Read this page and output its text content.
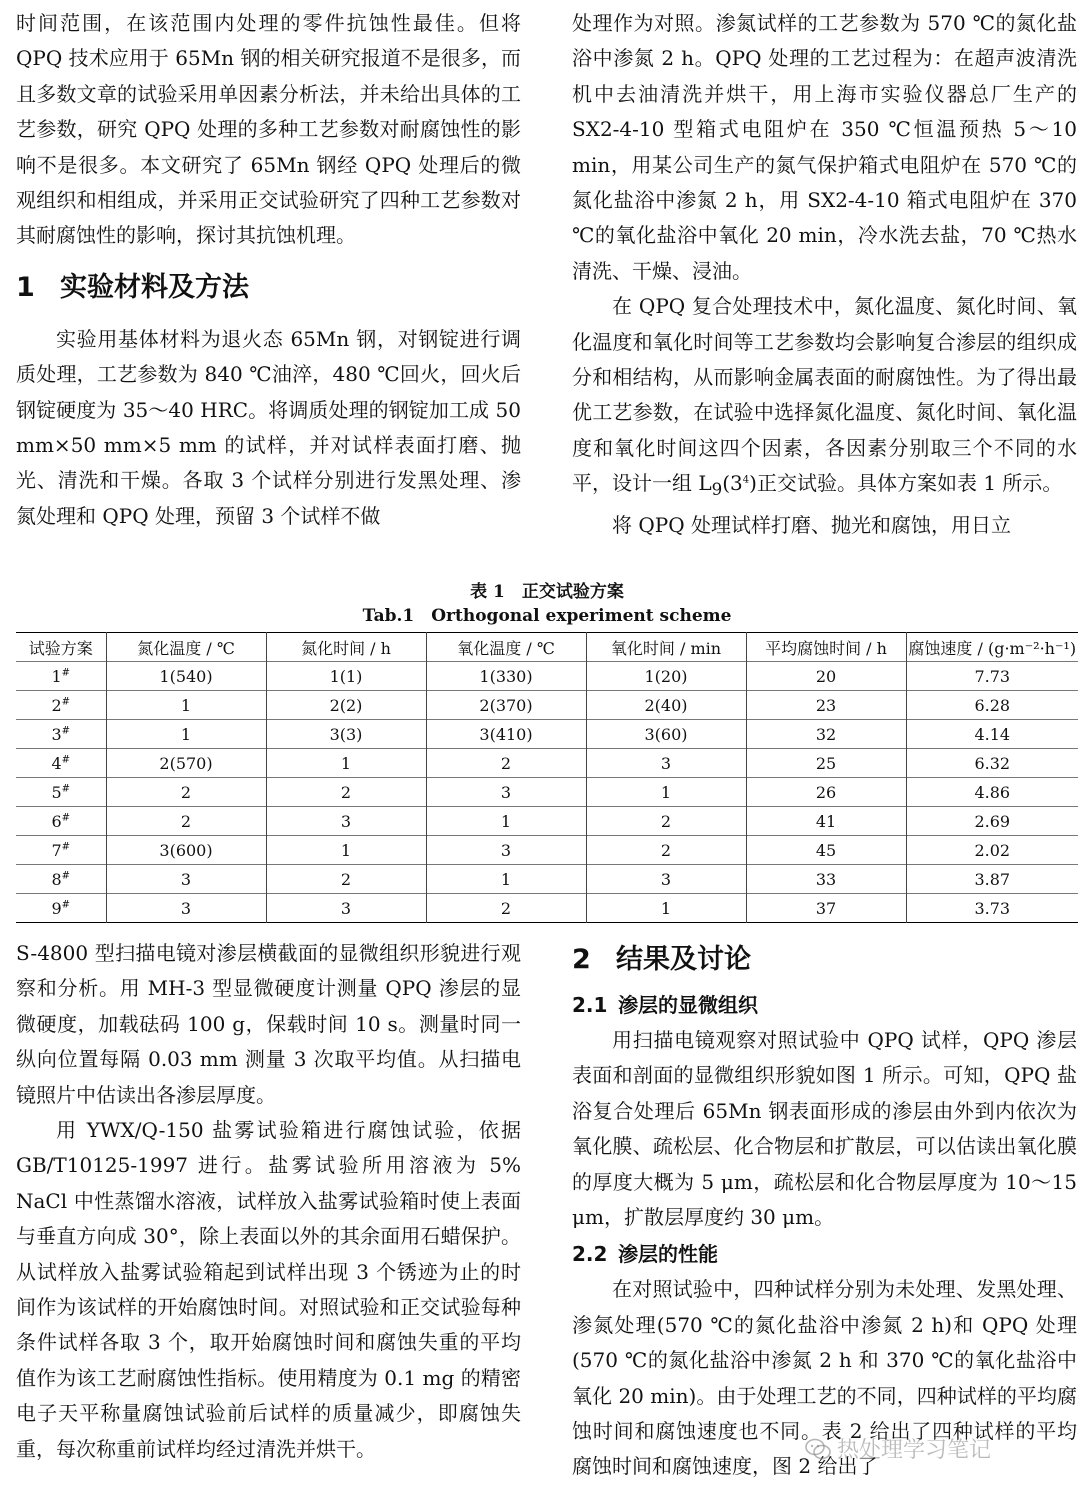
时间范围，在该范围内处理的零件抗蚀性最佳。但将 QPQ 技术应用于 65Mn 钢的相关研究报道不是很多，而且多数文章的试验采用单因素分析法，并未给出具体的工艺参数，研究 QPQ 处理的多种工艺参数对耐腐蚀性的影响不是很多。本文研究了 65Mn 钢经 QPQ 处理后的微观组织和相组成，并采用正交试验研究了四种工艺参数对其耐腐蚀性的影响，探讨其抗蚀机理。

1 实验材料及方法

实验用基体材料为退火态 65Mn 钢，对钢锭进行调质处理，工艺参数为 840 ℃油淬，480 ℃回火，回火后钢锭硬度为 35～40 HRC。将调质处理的钢锭加工成 50 mm×50 mm×5 mm 的试样，并对试样表面打磨、抛光、清洗和干燥。各取 3 个试样分别进行发黑处理、渗氮处理和 QPQ 处理，预留 3 个试样不做

处理作为对照。渗氮试样的工艺参数为 570 ℃的氮化盐浴中渗氮 2 h。QPQ 处理的工艺过程为：在超声波清洗机中去油清洗并烘干，用上海市实验仪器总厂生产的 SX2-4-10 型箱式电阻炉在 350 ℃恒温预热 5～10 min，用某公司生产的氮气保护箱式电阻炉在 570 ℃的氮化盐浴中渗氮 2 h，用 SX2-4-10 箱式电阻炉在 370 ℃的氧化盐浴中氧化 20 min，冷水洗去盐，70 ℃热水清洗、干燥、浸油。

在 QPQ 复合处理技术中，氮化温度、氮化时间、氧化温度和氧化时间等工艺参数均会影响复合渗层的组织成分和相结构，从而影响金属表面的耐腐蚀性。为了得出最优工艺参数，在试验中选择氮化温度、氮化时间、氧化温度和氧化时间这四个因素，各因素分别取三个不同的水平，设计一组 $L_9(3^4)$正交试验。具体方案如表 1 所示。

将 QPQ 处理试样打磨、抛光和腐蚀，用日立

表 1　正交试验方案
Tab.1　Orthogonal experiment scheme
试验方案	氮化温度 / ℃	氮化时间 / h	氧化温度 / ℃	氧化时间 / min	平均腐蚀时间 / h	腐蚀速度 / (g·m⁻²·h⁻¹)
1#	1(540)	1(1)	1(330)	1(20)	20	7.73
2#	1	2(2)	2(370)	2(40)	23	6.28
3#	1	3(3)	3(410)	3(60)	32	4.14
4#	2(570)	1	2	3	25	6.32
5#	2	2	3	1	26	4.86
6#	2	3	1	2	41	2.69
7#	3(600)	1	3	2	45	2.02
8#	3	2	1	3	33	3.87
9#	3	3	2	1	37	3.73

S-4800 型扫描电镜对渗层横截面的显微组织形貌进行观察和分析。用 MH-3 型显微硬度计测量 QPQ 渗层的显微硬度，加载砝码 100 g，保载时间 10 s。测量时同一纵向位置每隔 0.03 mm 测量 3 次取平均值。从扫描电镜照片中估读出各渗层厚度。

用 YWX/Q-150 盐雾试验箱进行腐蚀试验，依据 GB/T10125-1997 进行。盐雾试验所用溶液为 5% NaCl 中性蒸馏水溶液，试样放入盐雾试验箱时使上表面与垂直方向成 30°，除上表面以外的其余面用石蜡保护。从试样放入盐雾试验箱起到试样出现 3 个锈迹为止的时间作为该试样的开始腐蚀时间。对照试验和正交试验每种条件试样各取 3 个，取开始腐蚀时间和腐蚀失重的平均值作为该工艺耐腐蚀性指标。使用精度为 0.1 mg 的精密电子天平称量腐蚀试验前后试样的质量减少，即腐蚀失重，每次称重前试样均经过清洗并烘干。

2 结果及讨论
2.1 渗层的显微组织

用扫描电镜观察对照试验中 QPQ 试样，QPQ 渗层表面和剖面的显微组织形貌如图 1 所示。可知，QPQ 盐浴复合处理后 65Mn 钢表面形成的渗层由外到内依次为氧化膜、疏松层、化合物层和扩散层，可以估读出氧化膜的厚度大概为 5 μm，疏松层和化合物层厚度为 10～15 μm，扩散层厚度约 30 μm。

2.2 渗层的性能

在对照试验中，四种试样分别为未处理、发黑处理、渗氮处理(570 ℃的氮化盐浴中渗氮 2 h)和 QPQ 处理 (570 ℃的氮化盐浴中渗氮 2 h 和 370 ℃的氧化盐浴中氧化 20 min)。由于处理工艺的不同，四种试样的平均腐蚀时间和腐蚀速度也不同。表 2 给出了四种试样的平均腐蚀时间和腐蚀速度，图 2 给出了

热处理学习笔记
